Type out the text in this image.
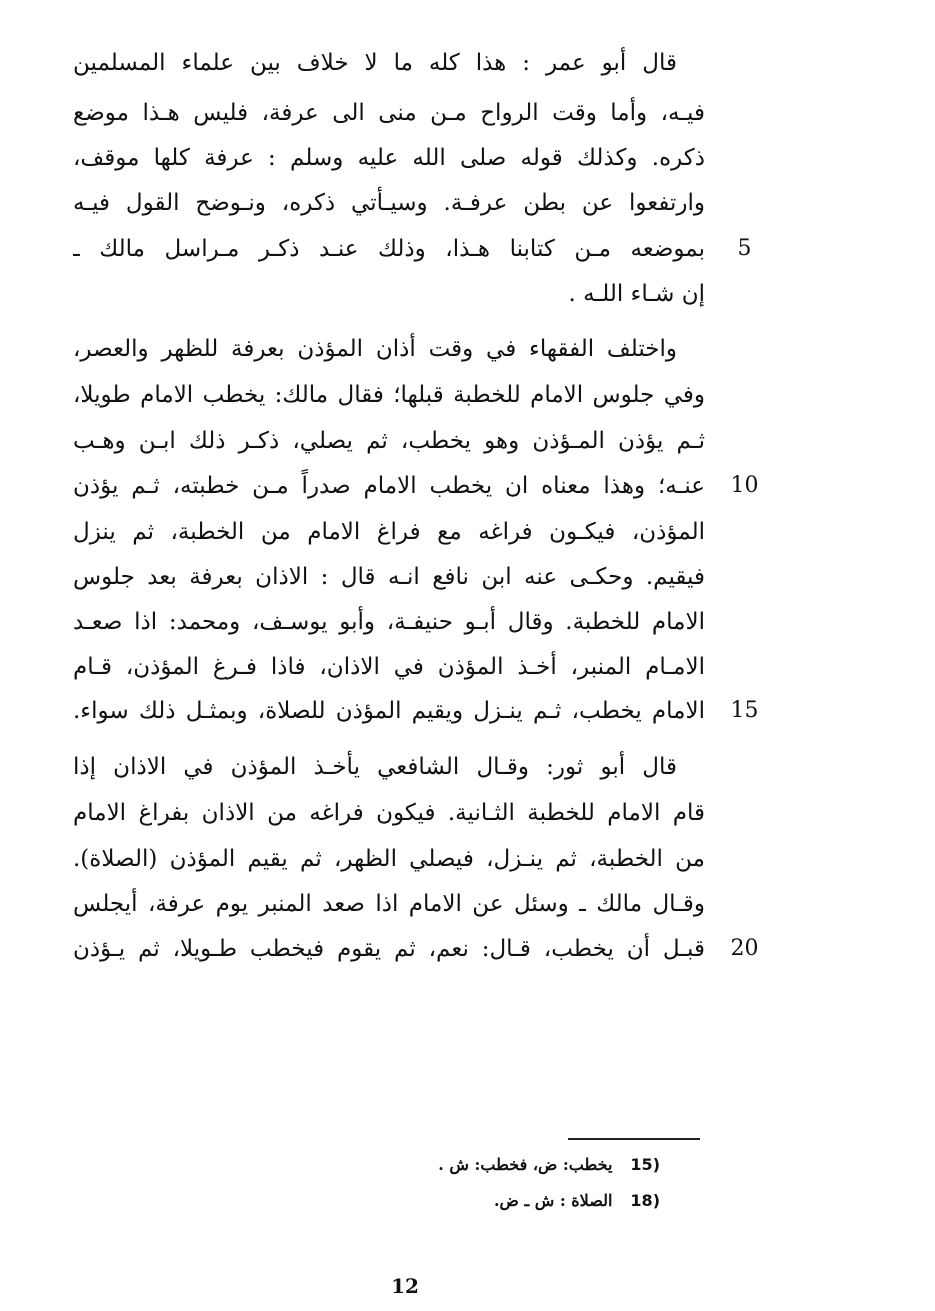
قال أبو عمر : هذا كله ما لا خلاف بين علماء المسلمين
فيـه، وأما وقت الرواح مـن منى الى عرفة، فليس هـذا موضع
ذكره. وكذلك قوله صلى الله عليه وسلم : عرفة كلها موقف،
وارتفعوا عن بطن عرفـة. وسيـأتي ذكره، ونـوضح القول فيـه
بموضعه مـن كتابنا هـذا، وذلك عنـد ذكـر مـراسل مالك ـ
إن شـاء اللـه .
واختلف الفقهاء في وقت أذان المؤذن بعرفة للظهر والعصر،
وفي جلوس الامام للخطبة قبلها؛ فقال مالك: يخطب الامام طويلا،
ثـم يؤذن المـؤذن وهو يخطب، ثم يصلي، ذكـر ذلك ابـن وهـب
عنـه؛ وهذا معناه ان يخطب الامام صدراً مـن خطبته، ثـم يؤذن
المؤذن، فيكـون فراغه مع فراغ الامام من الخطبة، ثم ينزل
فيقيم. وحكـى عنه ابن نافع انـه قال : الاذان بعرفة بعد جلوس
الامام للخطبة. وقال أبـو حنيفـة، وأبو يوسـف، ومحمد: اذا صعـد
الامـام المنبر، أخـذ المؤذن في الاذان، فاذا فـرغ المؤذن، قـام
الامام يخطب، ثـم ينـزل ويقيم المؤذن للصلاة، وبمثـل ذلك سواء.
قال أبو ثور: وقـال الشافعي يأخـذ المؤذن في الاذان إذا
قام الامام للخطبة الثـانية. فيكون فراغه من الاذان بفراغ الامام
من الخطبة، ثم ينـزل، فيصلي الظهر، ثم يقيم المؤذن (الصلاة).
وقـال مالك ـ وسئل عن الامام اذا صعد المنبر يوم عرفة، أيجلس
قبـل أن يخطب، قـال: نعم، ثم يقوم فيخطب طـويلا، ثم يـؤذن
5
10
15
20
15)يخطب: ض، فخطب: ش .
18)الصلاة : ش ـ ض.
12
